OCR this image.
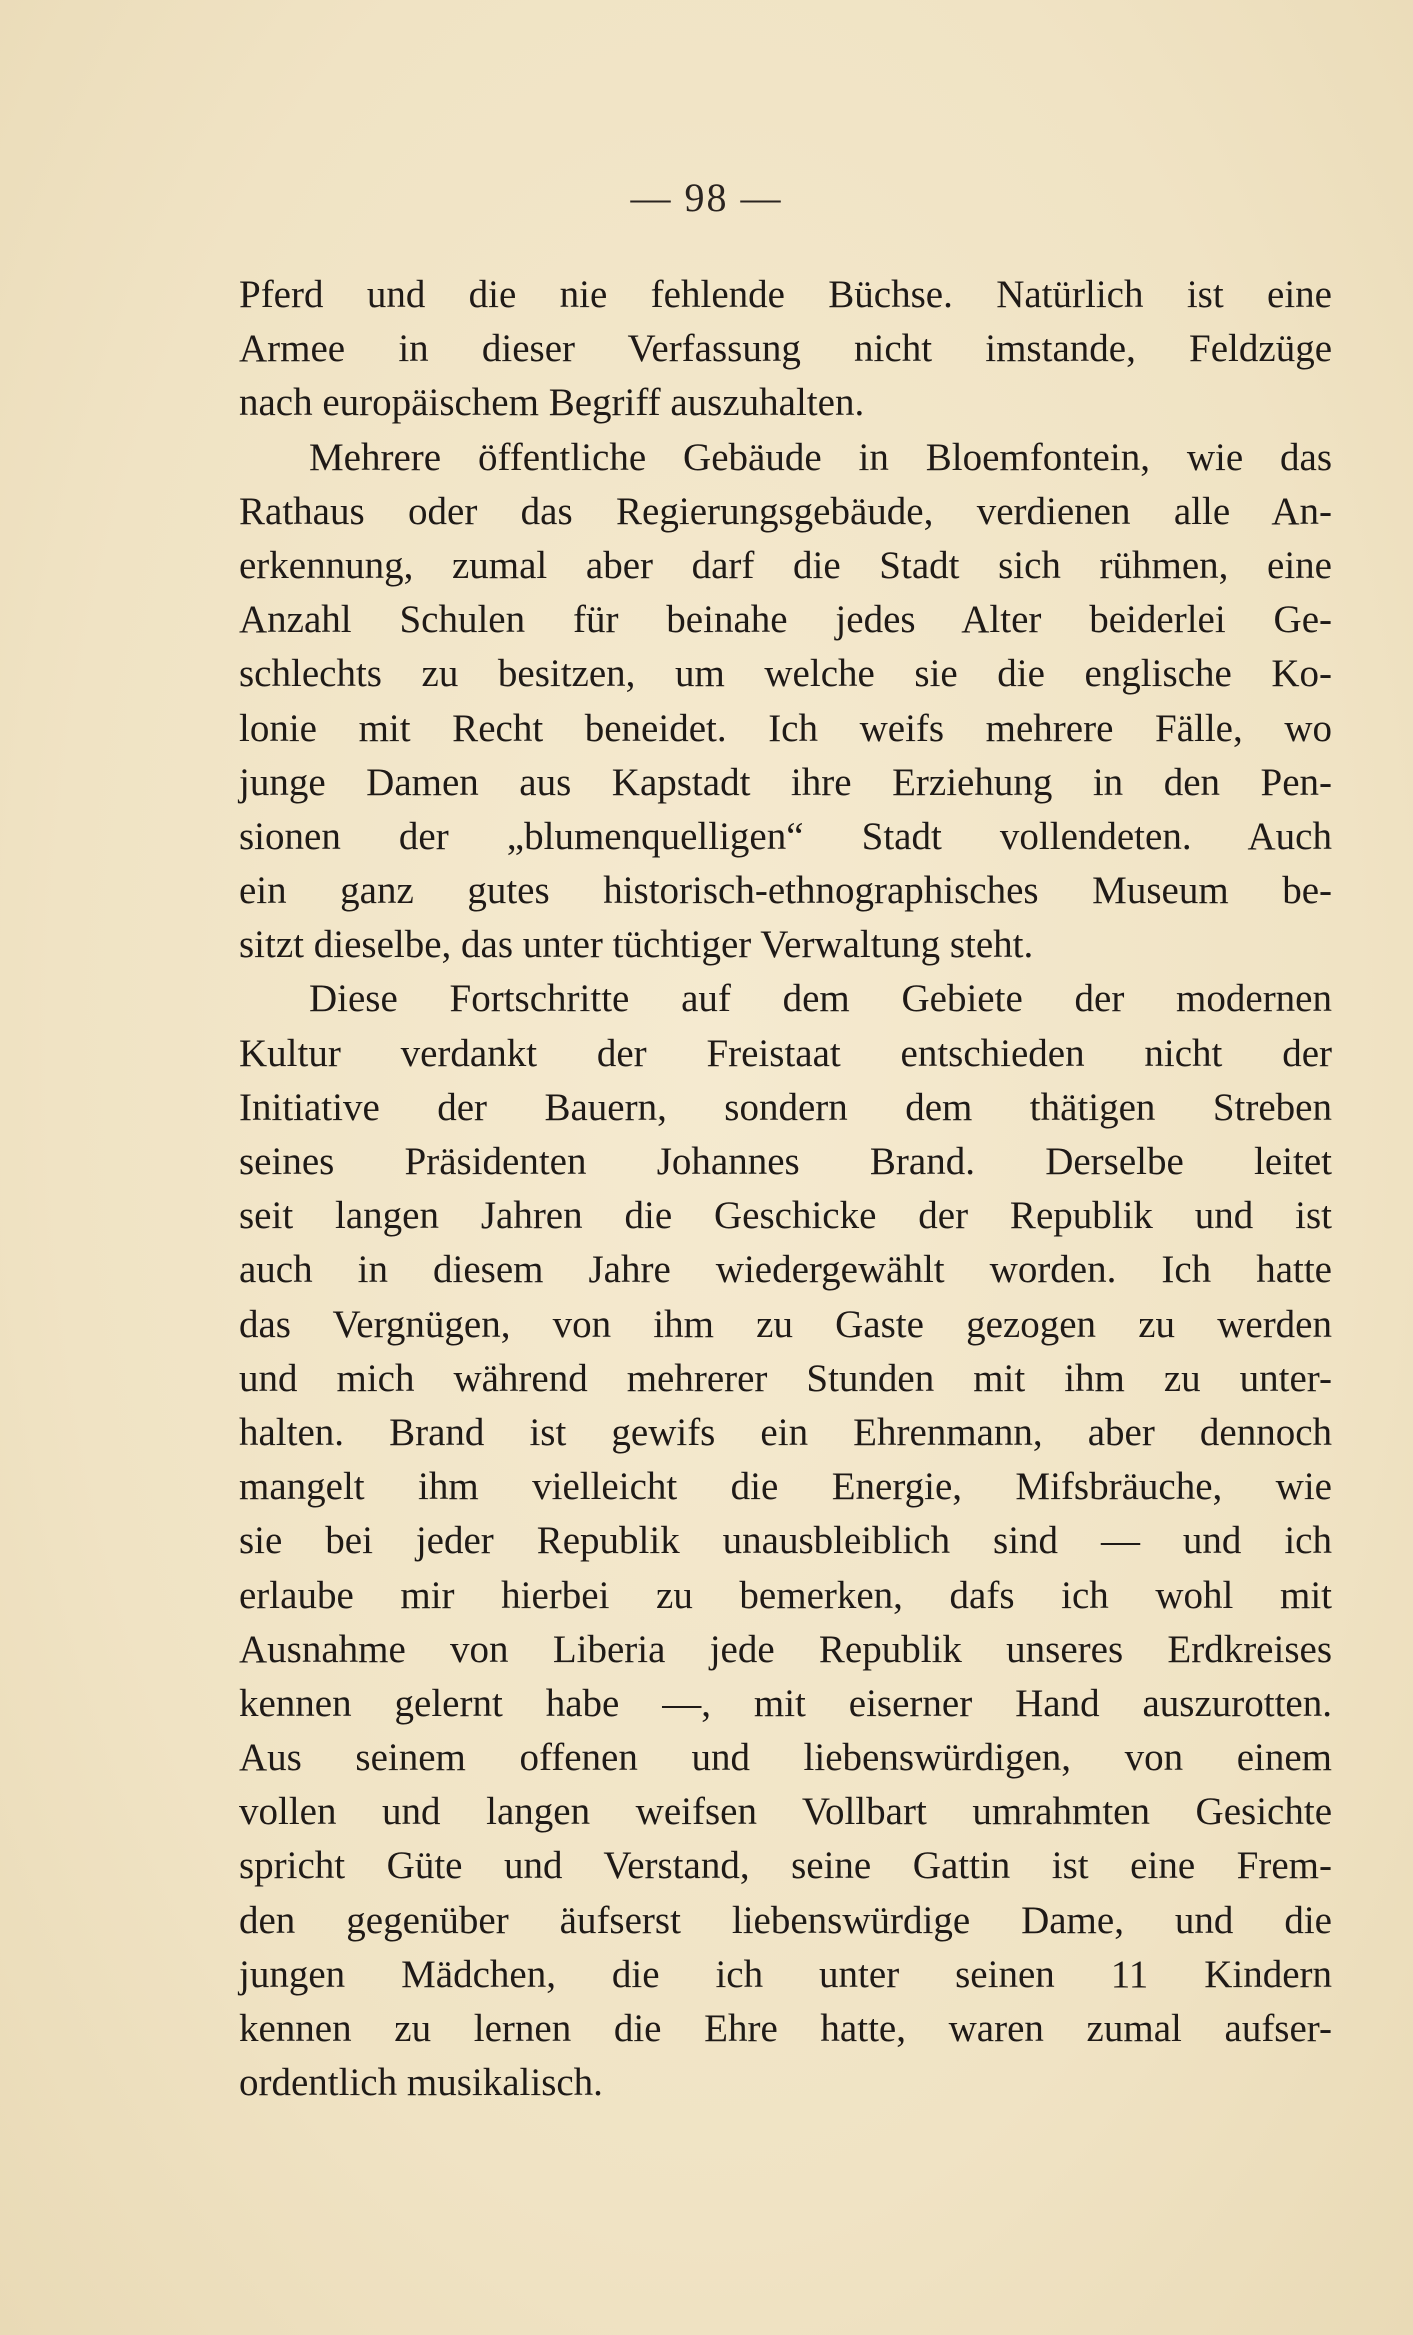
— 98 —
Pferd und die nie fehlende Büchse. Natürlich ist eine
Armee in dieser Verfassung nicht imstande, Feldzüge
nach europäischem Begriff auszuhalten.
Mehrere öffentliche Gebäude in Bloemfontein, wie das
Rathaus oder das Regierungsgebäude, verdienen alle An-
erkennung, zumal aber darf die Stadt sich rühmen, eine
Anzahl Schulen für beinahe jedes Alter beiderlei Ge-
schlechts zu besitzen, um welche sie die englische Ko-
lonie mit Recht beneidet. Ich weifs mehrere Fälle, wo
junge Damen aus Kapstadt ihre Erziehung in den Pen-
sionen der „blumenquelligen“ Stadt vollendeten. Auch
ein ganz gutes historisch-ethnographisches Museum be-
sitzt dieselbe, das unter tüchtiger Verwaltung steht.
Diese Fortschritte auf dem Gebiete der modernen
Kultur verdankt der Freistaat entschieden nicht der
Initiative der Bauern, sondern dem thätigen Streben
seines Präsidenten Johannes Brand. Derselbe leitet
seit langen Jahren die Geschicke der Republik und ist
auch in diesem Jahre wiedergewählt worden. Ich hatte
das Vergnügen, von ihm zu Gaste gezogen zu werden
und mich während mehrerer Stunden mit ihm zu unter-
halten. Brand ist gewifs ein Ehrenmann, aber dennoch
mangelt ihm vielleicht die Energie, Mifsbräuche, wie
sie bei jeder Republik unausbleiblich sind — und ich
erlaube mir hierbei zu bemerken, dafs ich wohl mit
Ausnahme von Liberia jede Republik unseres Erdkreises
kennen gelernt habe —, mit eiserner Hand auszurotten.
Aus seinem offenen und liebenswürdigen, von einem
vollen und langen weifsen Vollbart umrahmten Gesichte
spricht Güte und Verstand, seine Gattin ist eine Frem-
den gegenüber äufserst liebenswürdige Dame, und die
jungen Mädchen, die ich unter seinen 11 Kindern
kennen zu lernen die Ehre hatte, waren zumal aufser-
ordentlich musikalisch.
